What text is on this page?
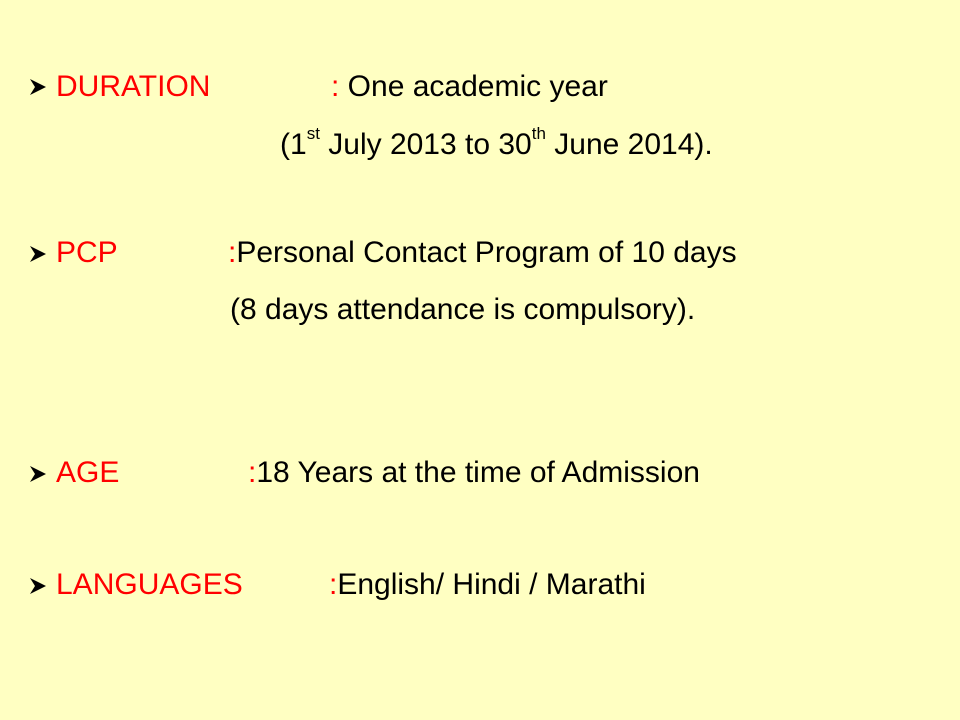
DURATION	: One academic year
(1st July 2013 to 30th June 2014).
PCP	:Personal Contact Program of 10 days
(8 days attendance is compulsory).
AGE	:18 Years at the time of Admission
LANGUAGES	:English/ Hindi / Marathi
